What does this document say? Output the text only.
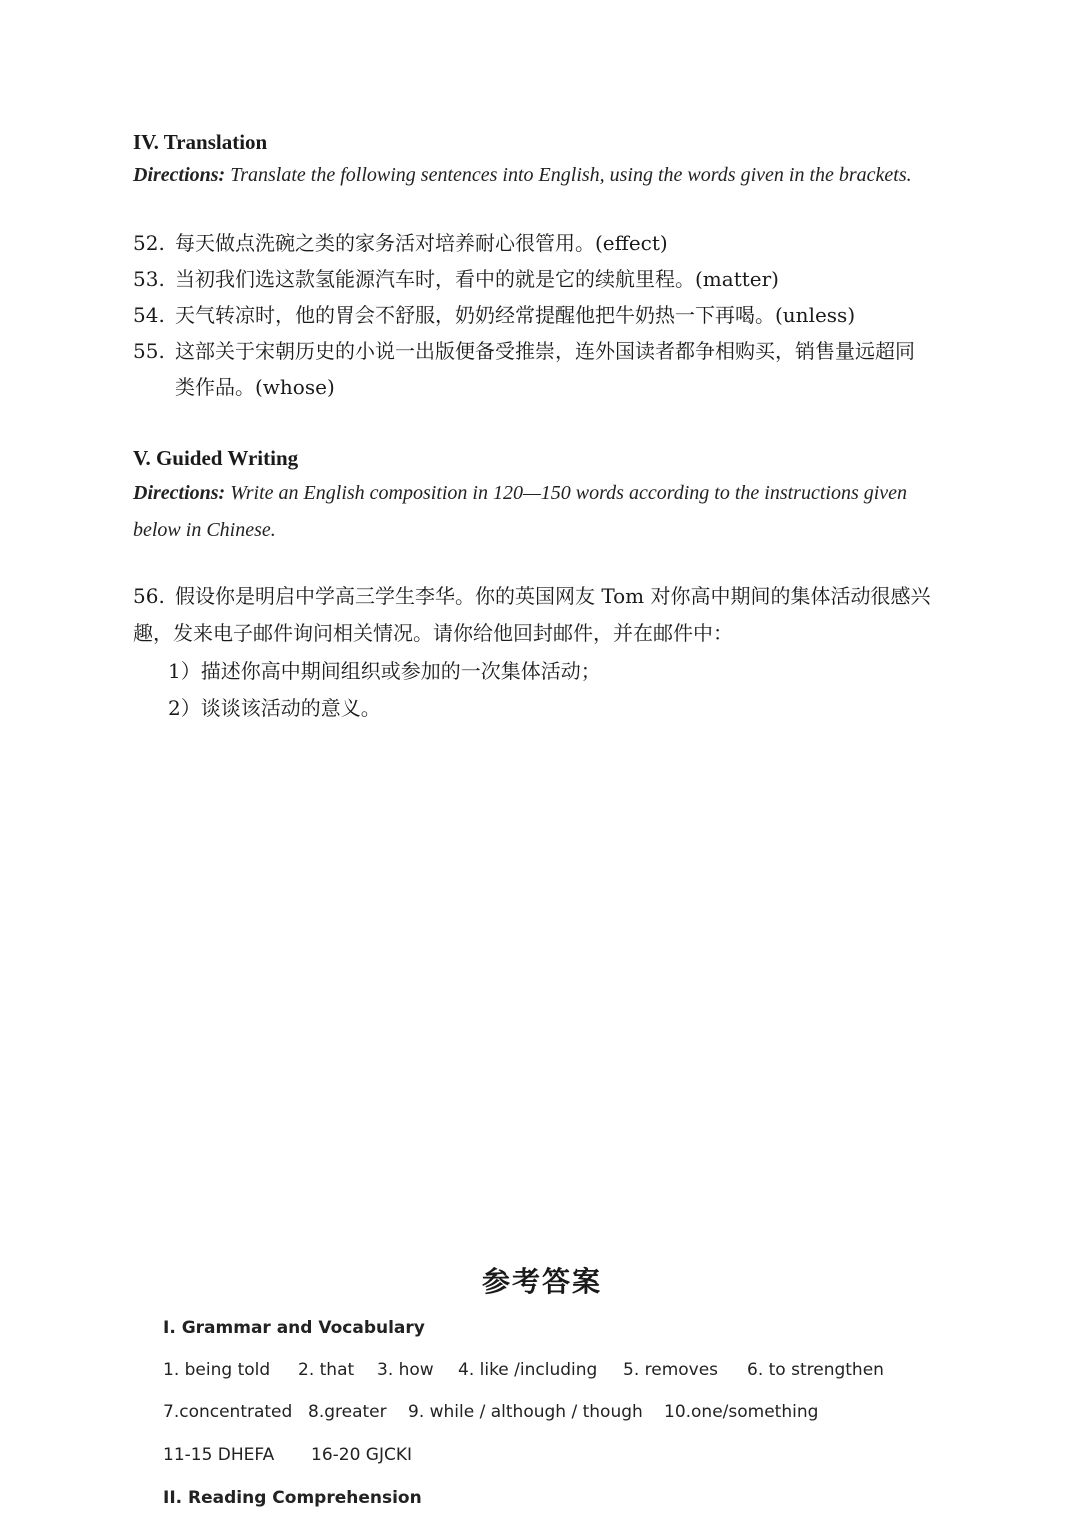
IV. Translation
Directions: Translate the following sentences into English, using the words given in the brackets.
52. 每天做点洗碗之类的家务活对培养耐心很管用。(effect)
53. 当初我们选这款氢能源汽车时，看中的就是它的续航里程。(matter)
54. 天气转凉时，他的胃会不舒服，奶奶经常提醒他把牛奶热一下再喝。(unless)
55. 这部关于宋朝历史的小说一出版便备受推崇，连外国读者都争相购买，销售量远超同
类作品。(whose)
V. Guided Writing
Directions: Write an English composition in 120—150 words according to the instructions given
below in Chinese.
56. 假设你是明启中学高三学生李华。你的英国网友 Tom 对你高中期间的集体活动很感兴
趣，发来电子邮件询问相关情况。请你给他回封邮件，并在邮件中：
1）描述你高中期间组织或参加的一次集体活动；
2）谈谈该活动的意义。
参考答案
I. Grammar and Vocabulary
1. being told 2. that 3. how 4. like /including 5. removes 6. to strengthen
7.concentrated 8.greater 9. while / although / though 10.one/something
11-15 DHEFA 16-20 GJCKI
II. Reading Comprehension
